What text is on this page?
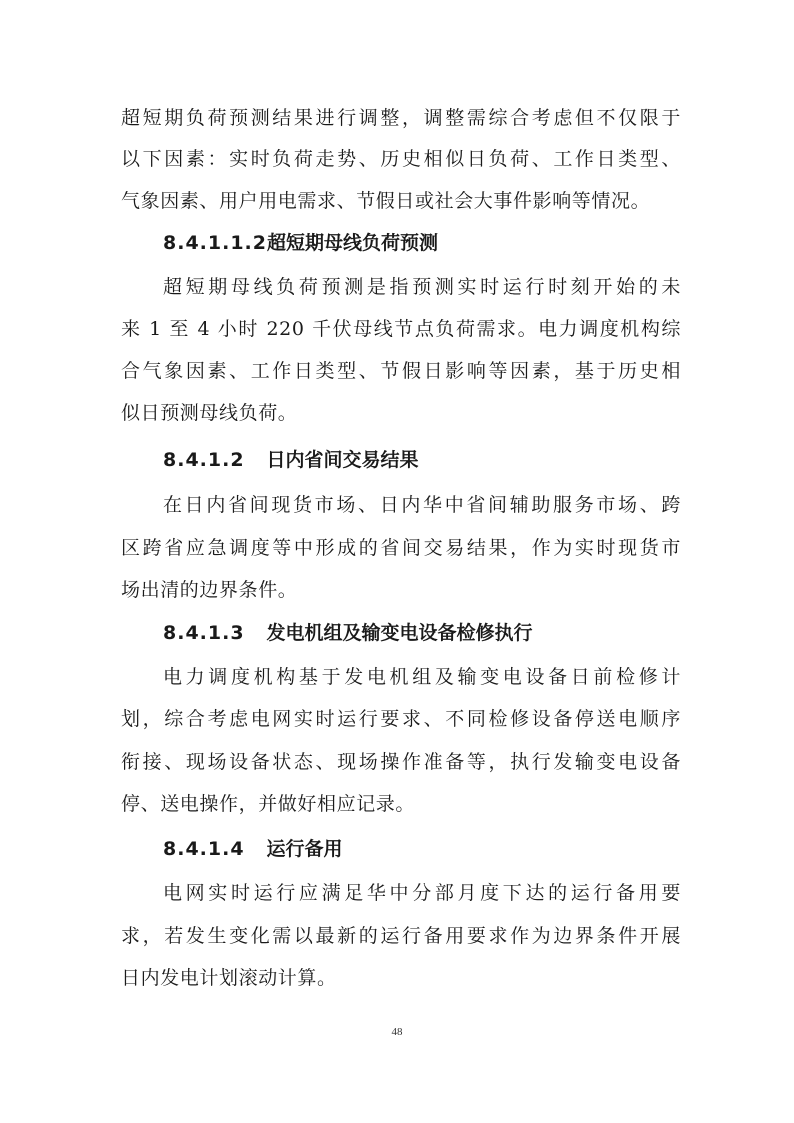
超短期负荷预测结果进行调整，调整需综合考虑但不仅限于
以下因素：实时负荷走势、历史相似日负荷、工作日类型、
气象因素、用户用电需求、节假日或社会大事件影响等情况。
8.4.1.1.2超短期母线负荷预测
超短期母线负荷预测是指预测实时运行时刻开始的未
来 1 至 4 小时 220 千伏母线节点负荷需求。电力调度机构综
合气象因素、工作日类型、节假日影响等因素，基于历史相
似日预测母线负荷。
8.4.1.2 日内省间交易结果
在日内省间现货市场、日内华中省间辅助服务市场、跨
区跨省应急调度等中形成的省间交易结果，作为实时现货市
场出清的边界条件。
8.4.1.3 发电机组及输变电设备检修执行
电力调度机构基于发电机组及输变电设备日前检修计
划，综合考虑电网实时运行要求、不同检修设备停送电顺序
衔接、现场设备状态、现场操作准备等，执行发输变电设备
停、送电操作，并做好相应记录。
8.4.1.4 运行备用
电网实时运行应满足华中分部月度下达的运行备用要
求，若发生变化需以最新的运行备用要求作为边界条件开展
日内发电计划滚动计算。
48
